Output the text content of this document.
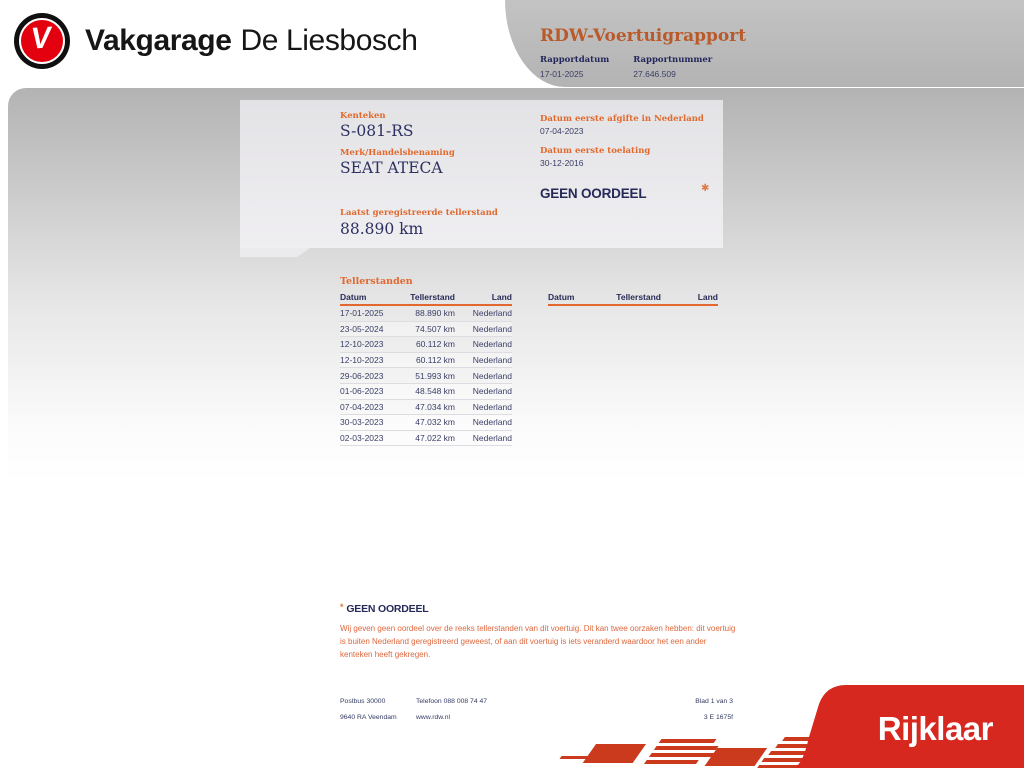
V Vakgarage De Liesbosch	RDW-Voertuigrapport
Rapportdatum
17-01-2025
Rapportnummer
27.646.509
Kenteken
S-081-RS
Merk/Handelsbenaming
SEAT ATECA
Laatst geregistreerde tellerstand
88.890 km
Datum eerste afgifte in Nederland
07-04-2023
Datum eerste toelating
30-12-2016
GEEN OORDEEL	✱
Tellerstanden
Datum	Tellerstand	Land
17-01-2025	88.890 km	Nederland
23-05-2024	74.507 km	Nederland
12-10-2023	60.112 km	Nederland
12-10-2023	60.112 km	Nederland
29-06-2023	51.993 km	Nederland
01-06-2023	48.548 km	Nederland
07-04-2023	47.034 km	Nederland
30-03-2023	47.032 km	Nederland
02-03-2023	47.022 km	Nederland
Datum	Tellerstand	Land
* GEEN OORDEEL
Wij geven geen oordeel over de reeks tellerstanden van dit voertuig. Dit kan twee oorzaken hebben: dit voertuig is buiten Nederland geregistreerd geweest, of aan dit voertuig is iets veranderd waardoor het een ander kenteken heeft gekregen.
Postbus 30000	Telefoon 088 008 74 47	Blad 1 van 3
9640 RA Veendam	www.rdw.nl	3 E 1675f	Rijklaar
